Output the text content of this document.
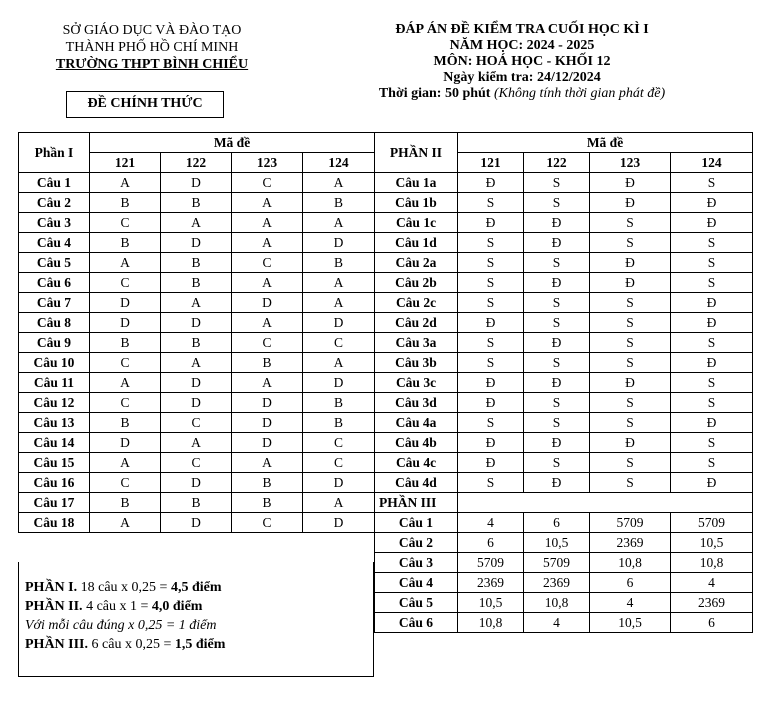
SỞ GIÁO DỤC VÀ ĐÀO TẠO
THÀNH PHỐ HỒ CHÍ MINH
TRƯỜNG THPT BÌNH CHIỂU
ĐỀ CHÍNH THỨC
ĐÁP ÁN ĐỀ KIỂM TRA CUỐI HỌC KÌ I
NĂM HỌC: 2024 - 2025
MÔN: HOÁ HỌC - KHỐI 12
Ngày kiểm tra: 24/12/2024
Thời gian: 50 phút (Không tính thời gian phát đề)
Phần I	Mã đề			
	121	122	123	124
Câu 1	A	D	C	A
Câu 2	B	B	A	B
Câu 3	C	A	A	A
Câu 4	B	D	A	D
Câu 5	A	B	C	B
Câu 6	C	B	A	A
Câu 7	D	A	D	A
Câu 8	D	D	A	D
Câu 9	B	B	C	C
Câu 10	C	A	B	A
Câu 11	A	D	A	D
Câu 12	C	D	D	B
Câu 13	B	C	D	B
Câu 14	D	A	D	C
Câu 15	A	C	A	C
Câu 16	C	D	B	D
Câu 17	B	B	B	A
Câu 18	A	D	C	D
PHẦN II	Mã đề			
	121	122	123	124
Câu 1a	Đ	S	Đ	S
Câu 1b	S	S	Đ	Đ
Câu 1c	Đ	Đ	S	Đ
Câu 1d	S	Đ	S	S
Câu 2a	S	S	Đ	S
Câu 2b	S	Đ	Đ	S
Câu 2c	S	S	S	Đ
Câu 2d	Đ	S	S	Đ
Câu 3a	S	Đ	S	S
Câu 3b	S	S	S	Đ
Câu 3c	Đ	Đ	Đ	S
Câu 3d	Đ	S	S	S
Câu 4a	S	S	S	Đ
Câu 4b	Đ	Đ	Đ	S
Câu 4c	Đ	S	S	S
Câu 4d	S	Đ	S	Đ
PHẦN III				
Câu 1	4	6	5709	5709
Câu 2	6	10,5	2369	10,5
Câu 3	5709	5709	10,8	10,8
Câu 4	2369	2369	6	4
Câu 5	10,5	10,8	4	2369
Câu 6	10,8	4	10,5	6
PHẦN I. 18 câu x 0,25 = 4,5 điểm
PHẦN II. 4 câu x 1 = 4,0 điểm
Với mỗi câu đúng x 0,25 = 1 điểm
PHẦN III. 6 câu x 0,25 = 1,5 điểm
